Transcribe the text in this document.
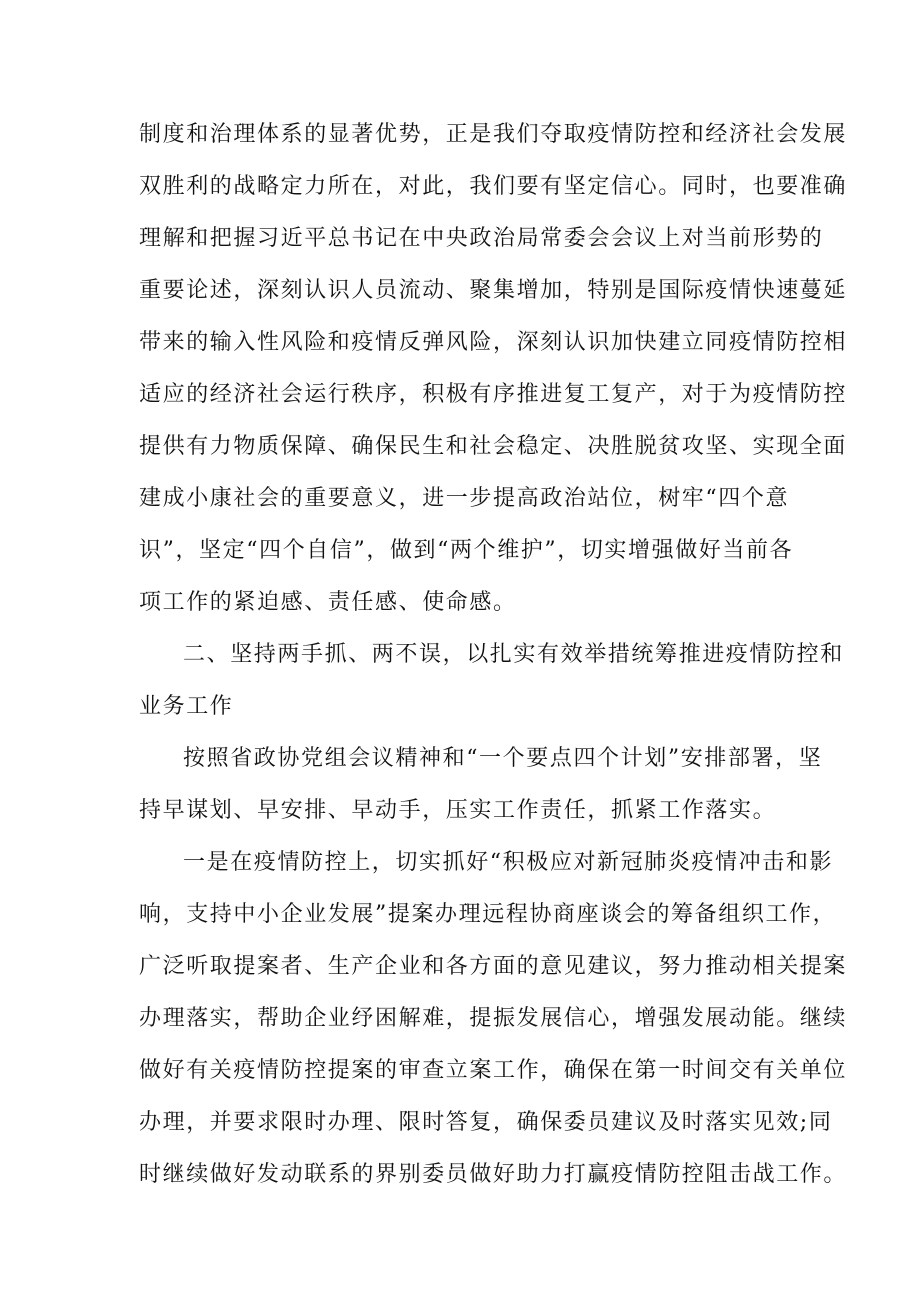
制度和治理体系的显著优势，正是我们夺取疫情防控和经济社会发展
双胜利的战略定力所在，对此，我们要有坚定信心。同时，也要准确
理解和把握习近平总书记在中央政治局常委会会议上对当前形势的
重要论述，深刻认识人员流动、聚集增加，特别是国际疫情快速蔓延
带来的输入性风险和疫情反弹风险，深刻认识加快建立同疫情防控相
适应的经济社会运行秩序，积极有序推进复工复产，对于为疫情防控
提供有力物质保障、确保民生和社会稳定、决胜脱贫攻坚、实现全面
建成小康社会的重要意义，进一步提高政治站位，树牢“四个意
识”，坚定“四个自信”，做到“两个维护”，切实增强做好当前各
项工作的紧迫感、责任感、使命感。
二、坚持两手抓、两不误，以扎实有效举措统筹推进疫情防控和
业务工作
按照省政协党组会议精神和“一个要点四个计划”安排部署，坚
持早谋划、早安排、早动手，压实工作责任，抓紧工作落实。
一是在疫情防控上，切实抓好“积极应对新冠肺炎疫情冲击和影
响，支持中小企业发展”提案办理远程协商座谈会的筹备组织工作，
广泛听取提案者、生产企业和各方面的意见建议，努力推动相关提案
办理落实，帮助企业纾困解难，提振发展信心，增强发展动能。继续
做好有关疫情防控提案的审查立案工作，确保在第一时间交有关单位
办理，并要求限时办理、限时答复，确保委员建议及时落实见效;同
时继续做好发动联系的界别委员做好助力打赢疫情防控阻击战工作。
